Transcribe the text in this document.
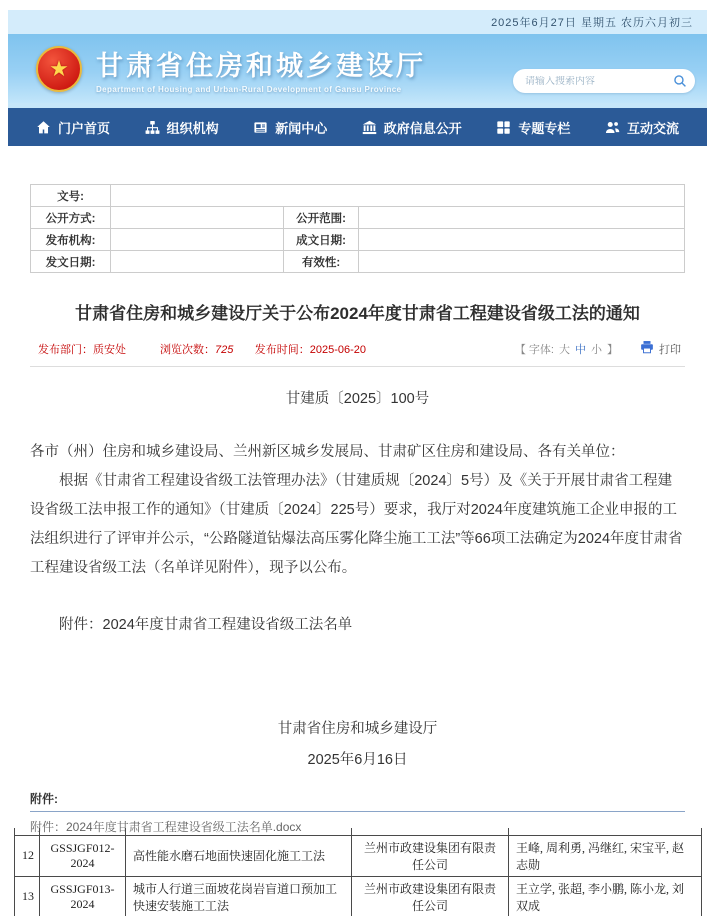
2025年6月27日 星期五 农历六月初三
★ 甘肃省住房和城乡建设厅
Department of Housing and Urban-Rural Development of Gansu Province
请输入搜索内容
门户首页	组织机构	新闻中心	政府信息公开	专题专栏	互动交流
文号:			
公开方式:		公开范围:	
发布机构:		成文日期:	
发文日期:		有效性:	
甘肃省住房和城乡建设厅关于公布2024年度甘肃省工程建设省级工法的通知
发布部门：质安处	浏览次数：725 发布时间：2025-06-20	【 字体: 大 中 小 】	打印
甘建质〔2025〕100号

各市（州）住房和城乡建设局、兰州新区城乡发展局、甘肃矿区住房和建设局、各有关单位：

根据《甘肃省工程建设省级工法管理办法》（甘建质规〔2024〕5号）及《关于开展甘肃省工程建设省级工法申报工作的通知》（甘建质〔2024〕225号）要求，我厅对2024年度建筑施工企业申报的工法组织进行了评审并公示，“公路隧道钻爆法高压雾化降尘施工工法”等66项工法确定为2024年度甘肃省工程建设省级工法（名单详见附件），现予以公布。

附件：2024年度甘肃省工程建设省级工法名单

甘肃省住房和城乡建设厅
2025年6月16日
附件:
附件：2024年度甘肃省工程建设省级工法名单.docx

12	GSSJGF012-2024	高性能水磨石地面快速固化施工工法	兰州市政建设集团有限责任公司	王峰, 周利勇, 冯继红, 宋宝平, 赵志勋
13	GSSJGF013-2024	城市人行道三面坡花岗岩盲道口预加工快速安装施工工法	兰州市政建设集团有限责任公司	王立学, 张超, 李小鹏, 陈小龙, 刘双成
